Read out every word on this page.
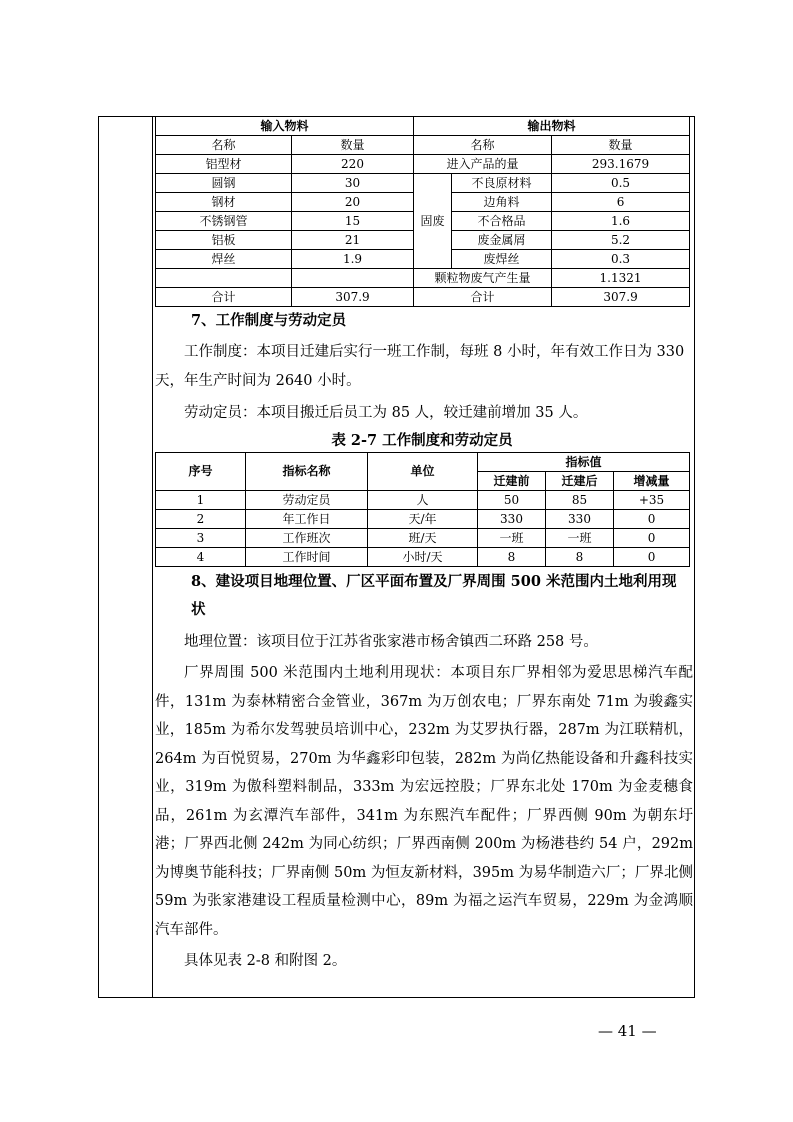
输入物料		输出物料		
名称	数量	名称		数量
铝型材	220	进入产品的量		293.1679
圆钢	30	固废	不良原材料	0.5
钢材	20		边角料	6
不锈钢管	15		不合格品	1.6
铝板	21		废金属屑	5.2
焊丝	1.9		废焊丝	0.3
		颗粒物废气产生量		1.1321
合计	307.9	合计		307.9
7、工作制度与劳动定员

工作制度：本项目迁建后实行一班工作制，每班 8 小时，年有效工作日为 330 天，年生产时间为 2640 小时。

劳动定员：本项目搬迁后员工为 85 人，较迁建前增加 35 人。

表 2-7 工作制度和劳动定员
序号	指标名称	单位	指标值		
			迁建前	迁建后	增减量
1	劳动定员	人	50	85	+35
2	年工作日	天/年	330	330	0
3	工作班次	班/天	一班	一班	0
4	工作时间	小时/天	8	8	0
8、建设项目地理位置、厂区平面布置及厂界周围 500 米范围内土地利用现状

地理位置：该项目位于江苏省张家港市杨舍镇西二环路 258 号。

厂界周围 500 米范围内土地利用现状：本项目东厂界相邻为爱思思梯汽车配件，131m 为泰林精密合金管业，367m 为万创农电；厂界东南处 71m 为骏鑫实业，185m 为希尔发驾驶员培训中心，232m 为艾罗执行器，287m 为江联精机，264m 为百悦贸易，270m 为华鑫彩印包装，282m 为尚亿热能设备和升鑫科技实业，319m 为傲科塑料制品，333m 为宏远控股；厂界东北处 170m 为金麦穗食品，261m 为玄潭汽车部件，341m 为东熙汽车配件；厂界西侧 90m 为朝东圩港；厂界西北侧 242m 为同心纺织；厂界西南侧 200m 为杨港巷约 54 户，292m 为博奥节能科技；厂界南侧 50m 为恒友新材料，395m 为易华制造六厂；厂界北侧 59m 为张家港建设工程质量检测中心，89m 为福之运汽车贸易，229m 为金鸿顺汽车部件。

具体见表 2-8 和附图 2。

— 41 —
